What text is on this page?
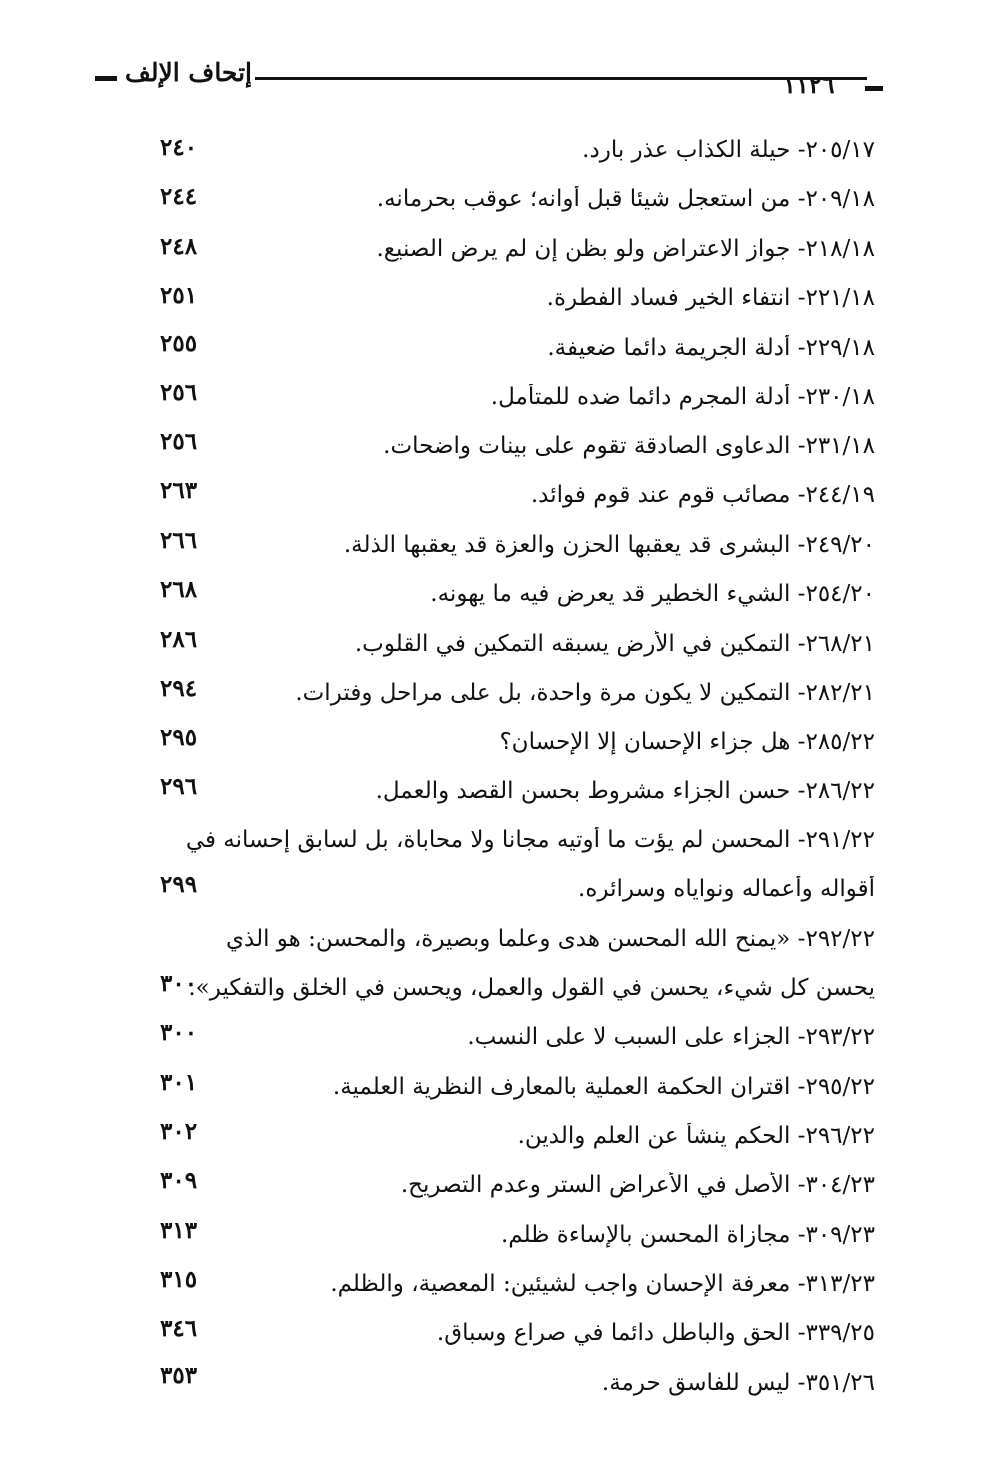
إتحاف الإلف	١١٢٦
٢٠٥/١٧- حيلة الكذاب عذر بارد.
٢٤٠
٢٠٩/١٨- من استعجل شيئا قبل أوانه؛ عوقب بحرمانه.
٢٤٤
٢١٨/١٨- جواز الاعتراض ولو بظن إن لم يرض الصنيع.
٢٤٨
٢٢١/١٨- انتفاء الخير فساد الفطرة.
٢٥١
٢٢٩/١٨- أدلة الجريمة دائما ضعيفة.
٢٥٥
٢٣٠/١٨- أدلة المجرم دائما ضده للمتأمل.
٢٥٦
٢٣١/١٨- الدعاوى الصادقة تقوم على بينات واضحات.
٢٥٦
٢٤٤/١٩- مصائب قوم عند قوم فوائد.
٢٦٣
٢٤٩/٢٠- البشرى قد يعقبها الحزن والعزة قد يعقبها الذلة.
٢٦٦
٢٥٤/٢٠- الشيء الخطير قد يعرض فيه ما يهونه.
٢٦٨
٢٦٨/٢١- التمكين في الأرض يسبقه التمكين في القلوب.
٢٨٦
٢٨٢/٢١- التمكين لا يكون مرة واحدة، بل على مراحل وفترات.
٢٩٤
٢٨٥/٢٢- هل جزاء الإحسان إلا الإحسان؟
٢٩٥
٢٨٦/٢٢- حسن الجزاء مشروط بحسن القصد والعمل.
٢٩٦
٢٩١/٢٢- المحسن لم يؤت ما أوتيه مجانا ولا محاباة، بل لسابق إحسانه في
أقواله وأعماله ونواياه وسرائره.
٢٩٩
٢٩٢/٢٢- «يمنح الله المحسن هدى وعلما وبصيرة، والمحسن: هو الذي
يحسن كل شيء، يحسن في القول والعمل، ويحسن في الخلق والتفكير».
٣٠٠
٢٩٣/٢٢- الجزاء على السبب لا على النسب.
٣٠٠
٢٩٥/٢٢- اقتران الحكمة العملية بالمعارف النظرية العلمية.
٣٠١
٢٩٦/٢٢- الحكم ينشأ عن العلم والدين.
٣٠٢
٣٠٤/٢٣- الأصل في الأعراض الستر وعدم التصريح.
٣٠٩
٣٠٩/٢٣- مجازاة المحسن بالإساءة ظلم.
٣١٣
٣١٣/٢٣- معرفة الإحسان واجب لشيئين: المعصية، والظلم.
٣١٥
٣٣٩/٢٥- الحق والباطل دائما في صراع وسباق.
٣٤٦
٣٥١/٢٦- ليس للفاسق حرمة.
٣٥٣
